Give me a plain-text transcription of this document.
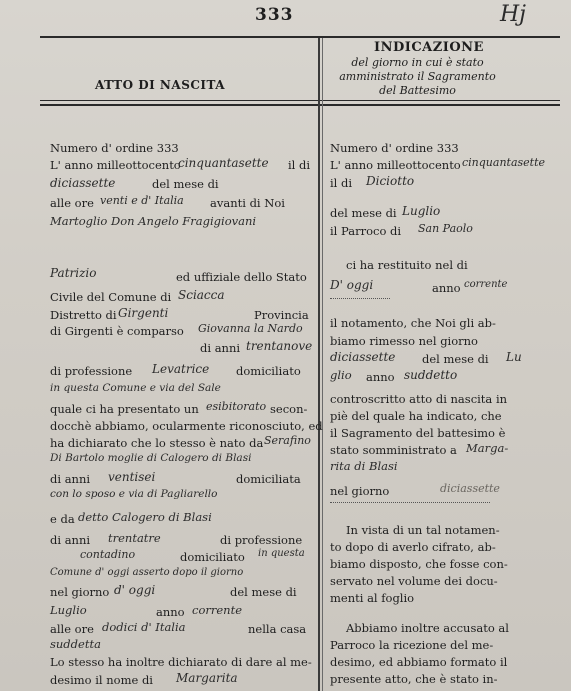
333	Hj
ATTO DI NASCITA
INDICAZIONE
del giorno in cui è stato amministrato il Sagramento del Battesimo
Numero d' ordine 333
L' anno milleottocento
cinquantasette il di
diciassette	del mese di
alle ore venti e d' Italia avanti di Noi
Martoglio Don Angelo Fragigiovani
Patrizio	ed uffiziale dello Stato
Civile del Comune di Sciacca
Distretto di Girgenti	Provincia
di Girgenti è comparso Giovanna la Nardo
di anni trentanove
di professione Levatrice domiciliato
in questa Comune e via del Sale
quale ci ha presentato un esibitorato secon-
docchè abbiamo, ocularmente riconosciuto, ed
ha dichiarato che lo stesso è nato da Serafino
Di Bartolo moglie di Calogero di Blasi
di anni ventisei	domiciliata
con lo sposo e via di Pagliarello
e da detto Calogero di Blasi
di anni trentatre	di professione
contadino	domiciliato in questa
Comune d' oggi asserto dopo il giorno
nel giorno d' oggi	del mese di
Luglio	anno corrente
alle ore dodici d' Italia	nella casa
suddetta
Lo stesso ha inoltre dichiarato di dare al me-
desimo il nome di Margarita
Numero d' ordine 333
L' anno milleottocento cinquantasette
il di Diciotto
del mese di Luglio
il Parroco di San Paolo
ci ha restituito nel di
D' oggi	anno corrente
il notamento, che Noi gli ab-
biamo rimesso nel giorno
diciassette del mese di Lu
glio anno suddetto
controscritto atto di nascita in
piè del quale ha indicato, che
il Sagramento del battesimo è
stato somministrato a Marga-
rita di Blasi
nel giorno	diciassette
In vista di un tal notamen-
to dopo di averlo cifrato, ab-
biamo disposto, che fosse con-
servato nel volume dei docu-
menti al foglio
Abbiamo inoltre accusato al
Parroco la ricezione del me-
desimo, ed abbiamo formato il
presente atto, che è stato in-
